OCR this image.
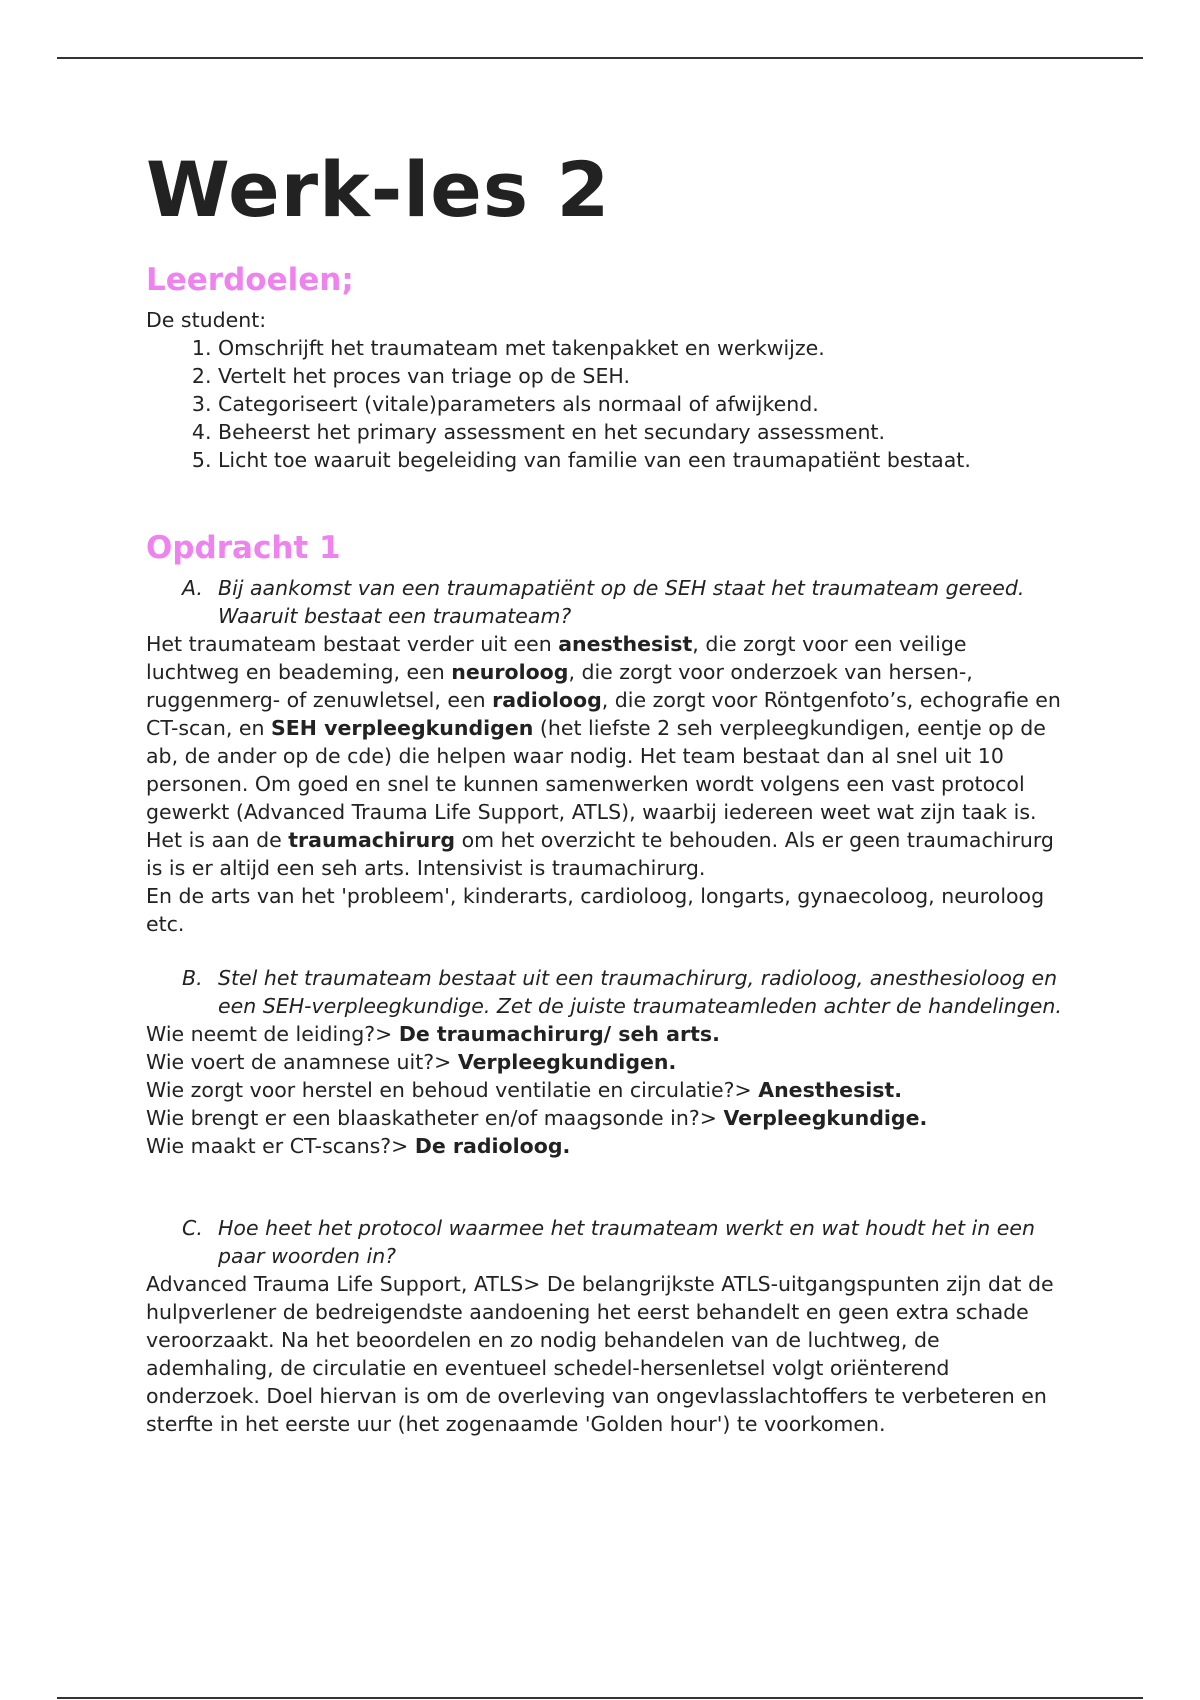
Werk-les 2
Leerdoelen;

De student:

1. Omschrijft het traumateam met takenpakket en werkwijze.
2. Vertelt het proces van triage op de SEH.
3. Categoriseert (vitale)parameters als normaal of afwijkend.
4. Beheerst het primary assessment en het secundary assessment.
5. Licht toe waaruit begeleiding van familie van een traumapatiënt bestaat.
Opdracht 1
A. Bij aankomst van een traumapatiënt op de SEH staat het traumateam gereed. Waaruit bestaat een traumateam?

Het traumateam bestaat verder uit een anesthesist, die zorgt voor een veilige luchtweg en beademing, een neuroloog, die zorgt voor onderzoek van hersen-, ruggenmerg- of zenuwletsel, een radioloog, die zorgt voor Röntgenfoto’s, echografie en CT-scan, en SEH verpleegkundigen (het liefste 2 seh verpleegkundigen, eentje op de ab, de ander op de cde) die helpen waar nodig. Het team bestaat dan al snel uit 10 personen. Om goed en snel te kunnen samenwerken wordt volgens een vast protocol gewerkt (Advanced Trauma Life Support, ATLS), waarbij iedereen weet wat zijn taak is. Het is aan de traumachirurg om het overzicht te behouden. Als er geen traumachirurg is is er altijd een seh arts. Intensivist is traumachirurg.

En de arts van het 'probleem', kinderarts, cardioloog, longarts, gynaecoloog, neuroloog etc.

B. Stel het traumateam bestaat uit een traumachirurg, radioloog, anesthesioloog en een SEH-verpleegkundige. Zet de juiste traumateamleden achter de handelingen.

Wie neemt de leiding?> De traumachirurg/ seh arts.

Wie voert de anamnese uit?> Verpleegkundigen.

Wie zorgt voor herstel en behoud ventilatie en circulatie?> Anesthesist.

Wie brengt er een blaaskatheter en/of maagsonde in?> Verpleegkundige.

Wie maakt er CT-scans?> De radioloog.

C. Hoe heet het protocol waarmee het traumateam werkt en wat houdt het in een paar woorden in?

Advanced Trauma Life Support, ATLS> De belangrijkste ATLS-uitgangspunten zijn dat de hulpverlener de bedreigendste aandoening het eerst behandelt en geen extra schade veroorzaakt. Na het beoordelen en zo nodig behandelen van de luchtweg, de ademhaling, de circulatie en eventueel schedel-hersenletsel volgt oriënterend onderzoek. Doel hiervan is om de overleving van ongevlasslachtoffers te verbeteren en sterfte in het eerste uur (het zogenaamde 'Golden hour') te voorkomen.
